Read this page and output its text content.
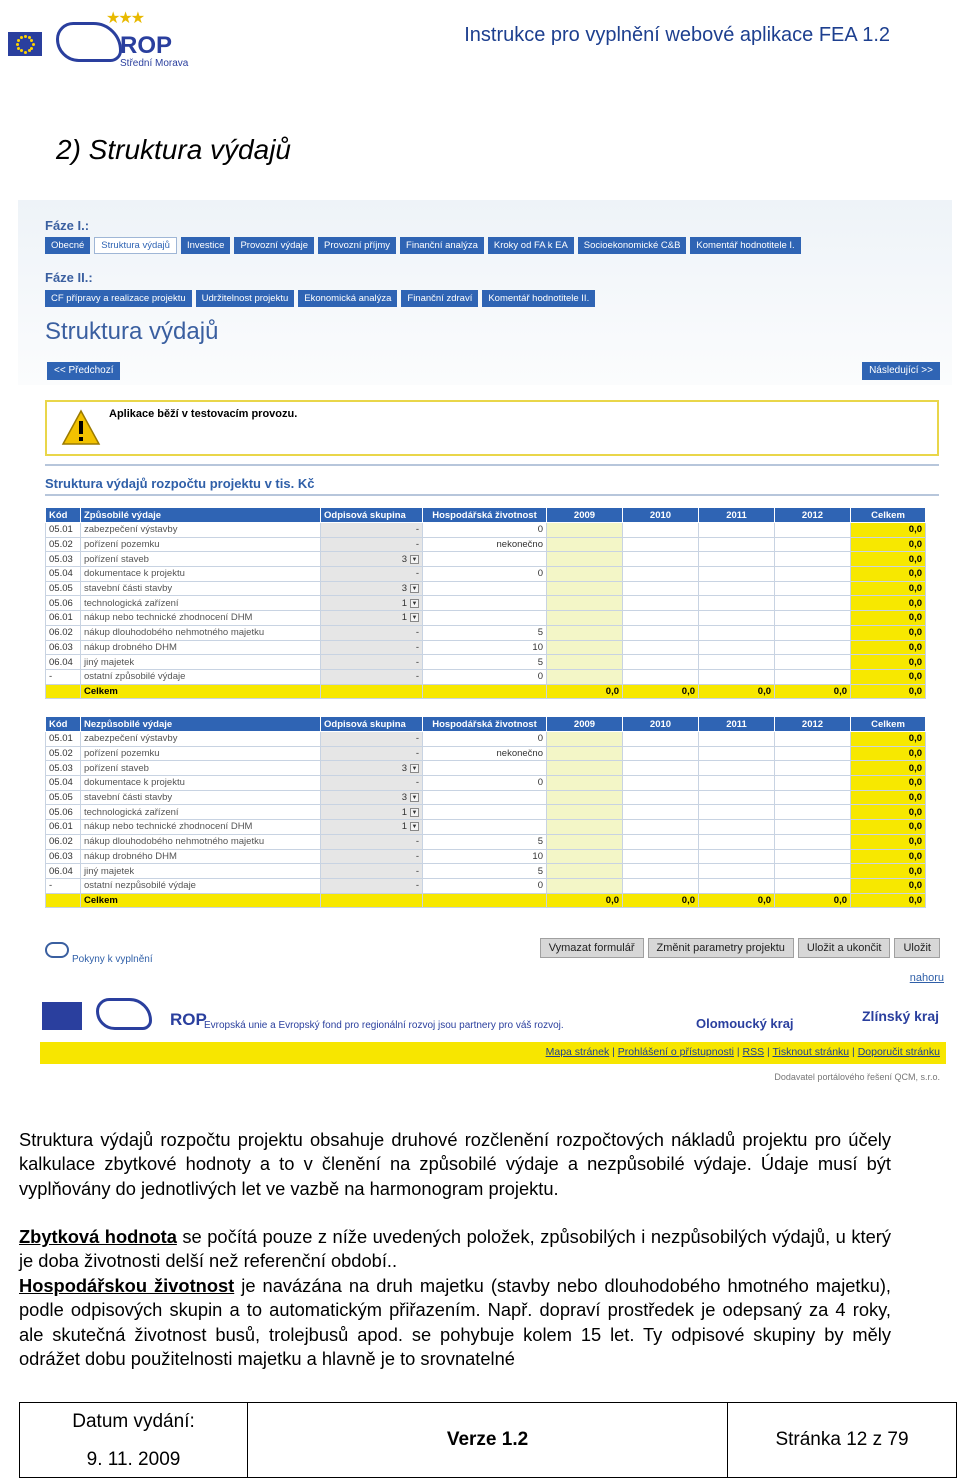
★★★
ROP
Střední Morava
Instrukce pro vyplnění webové aplikace FEA 1.2
2) Struktura výdajů
Fáze I.:
Obecné	Struktura výdajů	Investice	Provozní výdaje	Provozní příjmy	Finanční analýza	Kroky od FA k EA	Socioekonomické C&B	Komentář hodnotitele I.
Fáze II.:
CF přípravy a realizace projektu	Udržitelnost projektu	Ekonomická analýza	Finanční zdraví	Komentář hodnotitele II.
Struktura výdajů
<< Předchozí	Následující >>
Aplikace běží v testovacím provozu.
Struktura výdajů rozpočtu projektu v tis. Kč
Kód	Způsobilé výdaje	Odpisová skupina	Hospodářská životnost	2009	2010	2011	2012	Celkem
05.01	zabezpečení výstavby	-	0					0,0
05.02	pořízení pozemku	-	nekonečno					0,0
05.03	pořízení staveb	3 ▼						0,0
05.04	dokumentace k projektu	-	0					0,0
05.05	stavební části stavby	3 ▼						0,0
05.06	technologická zařízení	1 ▼						0,0
06.01	nákup nebo technické zhodnocení DHM	1 ▼						0,0
06.02	nákup dlouhodobého nehmotného majetku	-	5					0,0
06.03	nákup drobného DHM	-	10					0,0
06.04	jiný majetek	-	5					0,0
-	ostatní způsobilé výdaje	-	0					0,0
	Celkem			0,0	0,0	0,0	0,0	0,0
Kód	Nezpůsobilé výdaje	Odpisová skupina	Hospodářská životnost	2009	2010	2011	2012	Celkem
05.01	zabezpečení výstavby	-	0					0,0
05.02	pořízení pozemku	-	nekonečno					0,0
05.03	pořízení staveb	3 ▼						0,0
05.04	dokumentace k projektu	-	0					0,0
05.05	stavební části stavby	3 ▼						0,0
05.06	technologická zařízení	1 ▼						0,0
06.01	nákup nebo technické zhodnocení DHM	1 ▼						0,0
06.02	nákup dlouhodobého nehmotného majetku	-	5					0,0
06.03	nákup drobného DHM	-	10					0,0
06.04	jiný majetek	-	5					0,0
-	ostatní nezpůsobilé výdaje	-	0					0,0
	Celkem			0,0	0,0	0,0	0,0	0,0
Pokyny k vyplnění
Vymazat formulář	Změnit parametry projektu	Uložit a ukončit	Uložit
nahoru
ROP
Evropská unie a Evropský fond pro regionální rozvoj jsou partnery pro váš rozvoj.	Olomoucký kraj	Zlínský kraj
Mapa stránek | Prohlášení o přístupnosti | RSS | Tisknout stránku | Doporučit stránku
Dodavatel portálového řešení QCM, s.r.o.
Struktura výdajů rozpočtu projektu obsahuje druhové rozčlenění rozpočtových nákladů projektu pro účely kalkulace zbytkové hodnoty a to v členění na způsobilé výdaje a nezpůsobilé výdaje. Údaje musí být vyplňovány do jednotlivých let ve vazbě na harmonogram projektu.
Zbytková hodnota se počítá pouze z níže uvedených položek, způsobilých i nezpůsobilých výdajů, u který je doba životnosti delší než referenční období..
Hospodářskou životnost je navázána na druh majetku (stavby nebo dlouhodobého hmotného majetku), podle odpisových skupin a to automatickým přiřazením. Např. dopraví prostředek je odepsaný za 4 roky, ale skutečná životnost busů, trolejbusů apod. se pohybuje kolem 15 let. Ty odpisové skupiny by měly odrážet dobu použitelnosti majetku a hlavně je to srovnatelné
Datum vydání:
9. 11. 2009
Verze 1.2	Stránka 12 z 79
